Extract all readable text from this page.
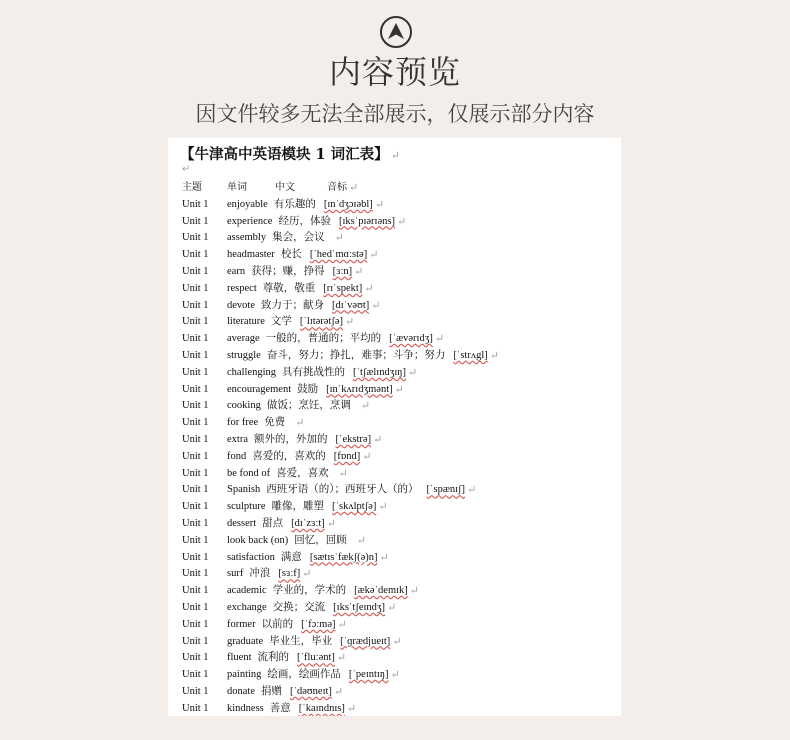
内容预览
因文件较多无法全部展示，仅展示部分内容
【牛津高中英语模块 1 词汇表】 ↵
↵
主题	单词	中文	音标 ↵
Unit 1 enjoyable 有乐趣的 [ɪnˈdʒɔɪəbl] ↵
Unit 1 experience 经历，体验 [ɪksˈpɪərɪəns] ↵
Unit 1 assembly 集会，会议 ↵
Unit 1 headmaster 校长 [ˈhedˈmɑːstə] ↵
Unit 1 earn 获得；赚，挣得 [ɜːn] ↵
Unit 1 respect 尊敬，敬重 [rɪˈspekt] ↵
Unit 1 devote 致力于；献身 [dɪˈvəʊt] ↵
Unit 1 literature 文学 [ˈlɪtərətʃə] ↵
Unit 1 average 一般的，普通的；平均的 [ˈævərɪdʒ] ↵
Unit 1 struggle 奋斗，努力；挣扎，难事；斗争；努力 [ˈstrʌgl] ↵
Unit 1 challenging 具有挑战性的 [ˈtʃælɪndʒɪŋ] ↵
Unit 1 encouragement 鼓励 [ɪnˈkʌrɪdʒmənt] ↵
Unit 1 cooking 做饭；烹饪，烹调 ↵
Unit 1 for free 免费 ↵
Unit 1 extra 额外的，外加的 [ˈekstrə] ↵
Unit 1 fond 喜爱的，喜欢的 [fɒnd] ↵
Unit 1 be fond of 喜爱，喜欢 ↵
Unit 1 Spanish 西班牙语（的）；西班牙人（的） [ˈspænɪʃ] ↵
Unit 1 sculpture 雕像，雕塑 [ˈskʌlptʃə] ↵
Unit 1 dessert 甜点 [dɪˈzɜːt] ↵
Unit 1 look back (on) 回忆，回顾 ↵
Unit 1 satisfaction 满意 [sætɪsˈfækʃ(ə)n] ↵
Unit 1 surf 冲浪 [sɜːf] ↵
Unit 1 academic 学业的，学术的 [ækəˈdemɪk] ↵
Unit 1 exchange 交换；交流 [ɪksˈtʃeɪndʒ] ↵
Unit 1 former 以前的 [ˈfɔːmə] ↵
Unit 1 graduate 毕业生，毕业 [ˈɡrædjueɪt] ↵
Unit 1 fluent 流利的 [ˈfluːənt] ↵
Unit 1 painting 绘画，绘画作品 [ˈpeɪntɪŋ] ↵
Unit 1 donate 捐赠 [ˈdəʊneɪt] ↵
Unit 1 kindness 善意 [ˈkaɪndnɪs] ↵
